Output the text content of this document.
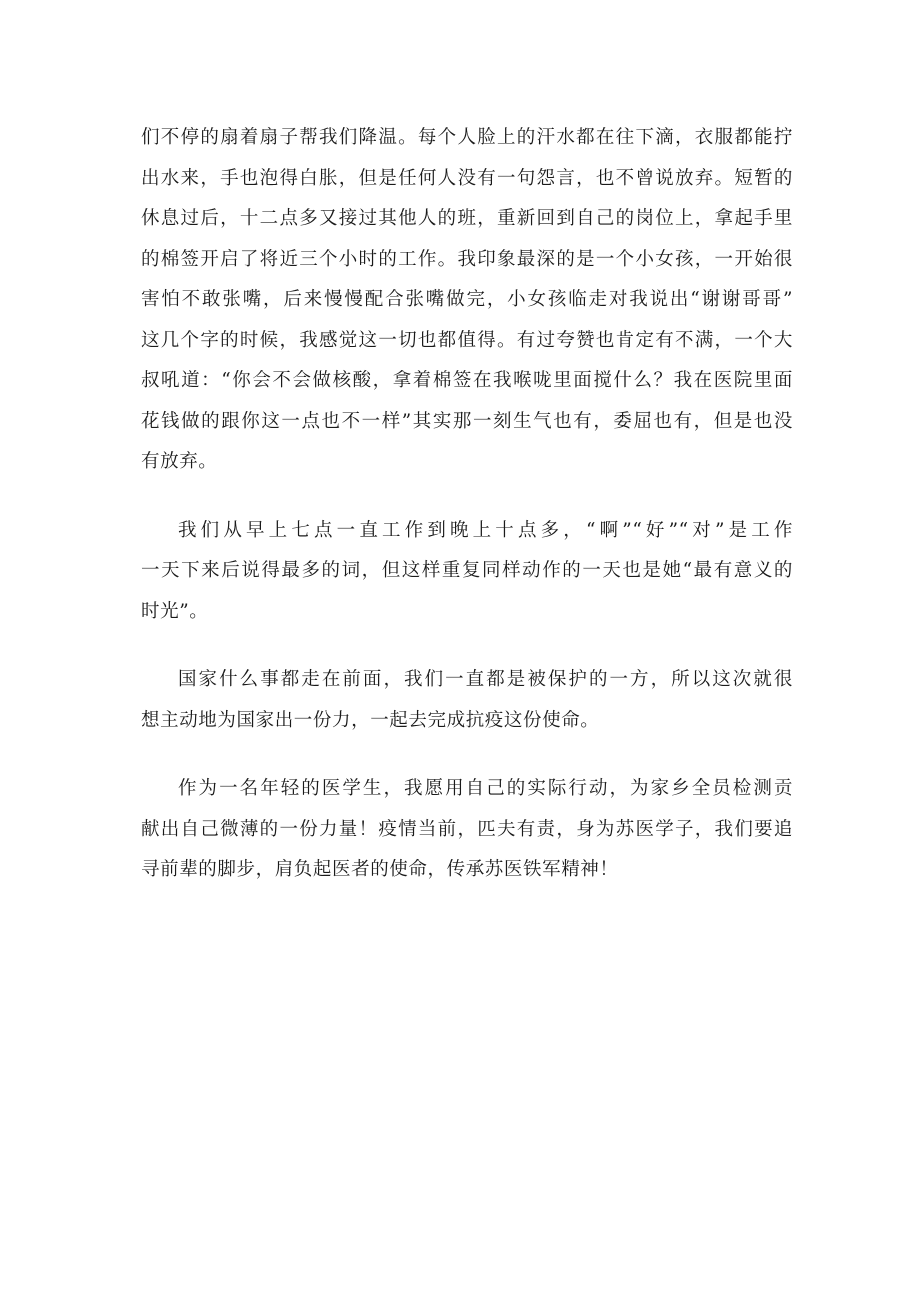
们不停的扇着扇子帮我们降温。每个人脸上的汗水都在往下滴，衣服都能拧
出水来，手也泡得白胀，但是任何人没有一句怨言，也不曾说放弃。短暂的
休息过后，十二点多又接过其他人的班，重新回到自己的岗位上，拿起手里
的棉签开启了将近三个小时的工作。我印象最深的是一个小女孩，一开始很
害怕不敢张嘴，后来慢慢配合张嘴做完，小女孩临走对我说出“谢谢哥哥”
这几个字的时候，我感觉这一切也都值得。有过夸赞也肯定有不满，一个大
叔吼道：“你会不会做核酸，拿着棉签在我喉咙里面搅什么？我在医院里面
花钱做的跟你这一点也不一样”其实那一刻生气也有，委屈也有，但是也没
有放弃。

我们从早上七点一直工作到晚上十点多，“啊”“好”“对”是工作
一天下来后说得最多的词，但这样重复同样动作的一天也是她“最有意义的
时光”。

国家什么事都走在前面，我们一直都是被保护的一方，所以这次就很
想主动地为国家出一份力，一起去完成抗疫这份使命。

作为一名年轻的医学生，我愿用自己的实际行动，为家乡全员检测贡
献出自己微薄的一份力量！疫情当前，匹夫有责，身为苏医学子，我们要追
寻前辈的脚步，肩负起医者的使命，传承苏医铁军精神！
